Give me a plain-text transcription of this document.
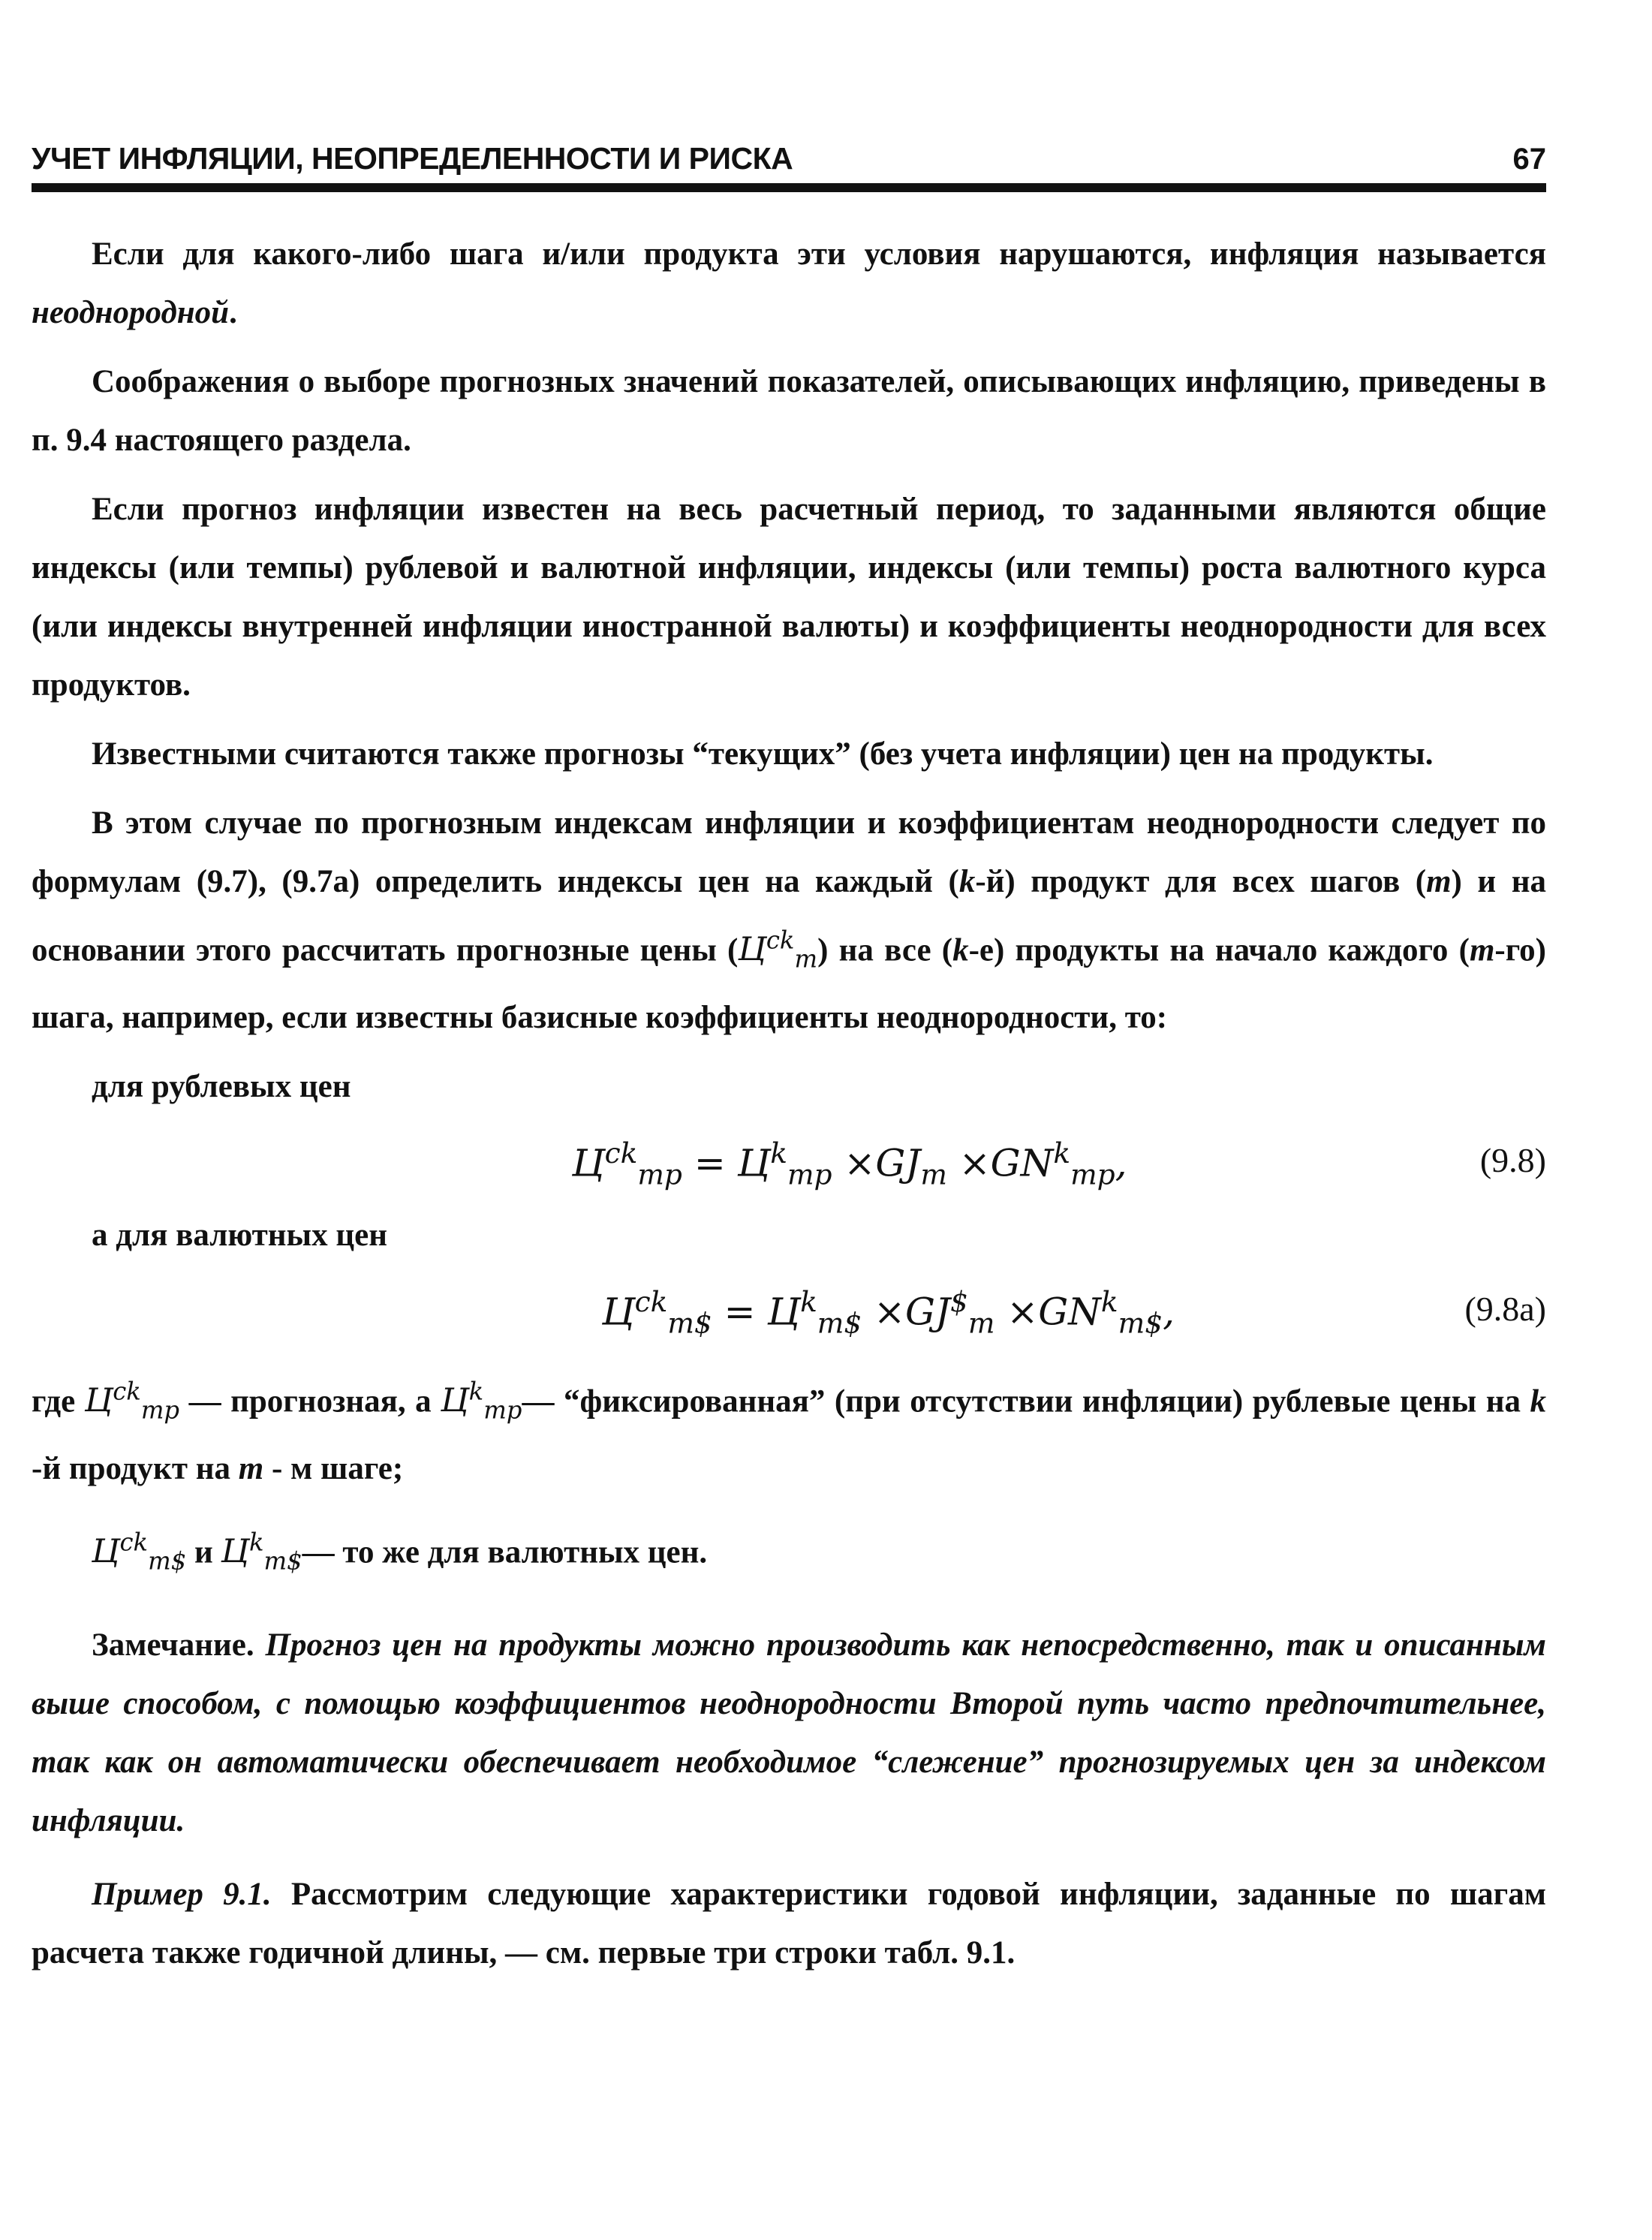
УЧЕТ ИНФЛЯЦИИ, НЕОПРЕДЕЛЕННОСТИ И РИСКА	67

Если для какого-либо шага и/или продукта эти условия нарушаются, инфляция называется неоднородной.

Соображения о выборе прогнозных значений показателей, описывающих инфляцию, приведены в п. 9.4 настоящего раздела.

Если прогноз инфляции известен на весь расчетный период, то заданными являются общие индексы (или темпы) рублевой и валютной инфляции, индексы (или темпы) роста валютного курса (или индексы внутренней инфляции иностранной валюты) и коэффициенты неоднородности для всех продуктов.

Известными считаются также прогнозы “текущих” (без учета инфляции) цен на продукты.

В этом случае по прогнозным индексам инфляции и коэффициентам неоднородности следует по формулам (9.7), (9.7а) определить индексы цен на каждый (k-й) продукт для всех шагов (m) и на основании этого рассчитать прогнозные цены $(Ц^{ck}_m)$ на все (k-е) продукты на начало каждого (m-го) шага, например, если известны базисные коэффициенты неоднородности, то:

для рублевых цен

$Ц^{ck}_{mp} = Ц^k_{mp} \times GJ_m \times GN^k_{mp}$,	(9.8)

а для валютных цен

$Ц^{ck}_{m\$} = Ц^k_{m\$} \times GJ^{\$}_m \times GN^k_{m\$}$,	(9.8а)

где $Ц^{ck}_{mp}$ — прогнозная, а $Ц^k_{mp}—$ “фиксированная” (при отсутствии инфляции) рублевые цены на k -й продукт на m - м шаге;

$Ц^{ck}_{m\$}$ и $Ц^k_{m\$}—$ то же для валютных цен.

Замечание. Прогноз цен на продукты можно производить как непосредственно, так и описанным выше способом, с помощью коэффициентов неоднородности Второй путь часто предпочтительнее, так как он автоматически обеспечивает необходимое “слежение” прогнозируемых цен за индексом инфляции.

Пример 9.1. Рассмотрим следующие характеристики годовой инфляции, заданные по шагам расчета также годичной длины, — см. первые три строки табл. 9.1.
